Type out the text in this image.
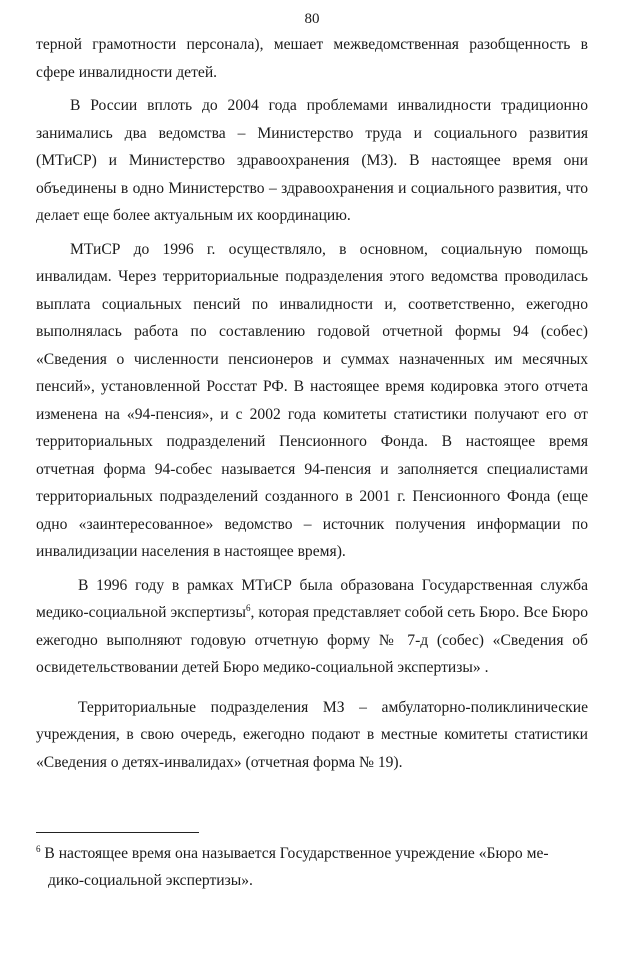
80

терной грамотности персонала), мешает межведомственная разобщенность в сфере инвалидности детей.

В России вплоть до 2004 года проблемами инвалидности традиционно занимались два ведомства – Министерство труда и социального развития (МТиСР) и Министерство здравоохранения (МЗ). В настоящее время они объединены в одно Министерство – здравоохранения и социального развития, что делает еще более актуальным их координацию.

МТиСР до 1996 г. осуществляло, в основном, социальную помощь инвалидам. Через территориальные подразделения этого ведомства проводилась выплата социальных пенсий по инвалидности и, соответственно, ежегодно выполнялась работа по составлению годовой отчетной формы 94 (собес) «Сведения о численности пенсионеров и суммах назначенных им месячных пенсий», установленной Росстат РФ. В настоящее время кодировка этого отчета изменена на «94-пенсия», и с 2002 года комитеты статистики получают его от территориальных подразделений Пенсионного Фонда. В настоящее время отчетная форма 94-собес называется 94-пенсия и заполняется специалистами территориальных подразделений созданного в 2001 г. Пенсионного Фонда (еще одно «заинтересованное» ведомство – источник получения информации по инвалидизации населения в настоящее время).

В 1996 году в рамках МТиСР была образована Государственная служба медико-социальной экспертизы$^6$, которая представляет собой сеть Бюро. Все Бюро ежегодно выполняют годовую отчетную форму № 7-д (собес) «Сведения об освидетельствовании детей Бюро медико-социальной экспертизы» .

Территориальные подразделения МЗ – амбулаторно-поликлинические учреждения, в свою очередь, ежегодно подают в местные комитеты статистики «Сведения о детях-инвалидах» (отчетная форма № 19).

$^6$ В настоящее время она называется Государственное учреждение «Бюро ме-
дико-социальной экспертизы».
